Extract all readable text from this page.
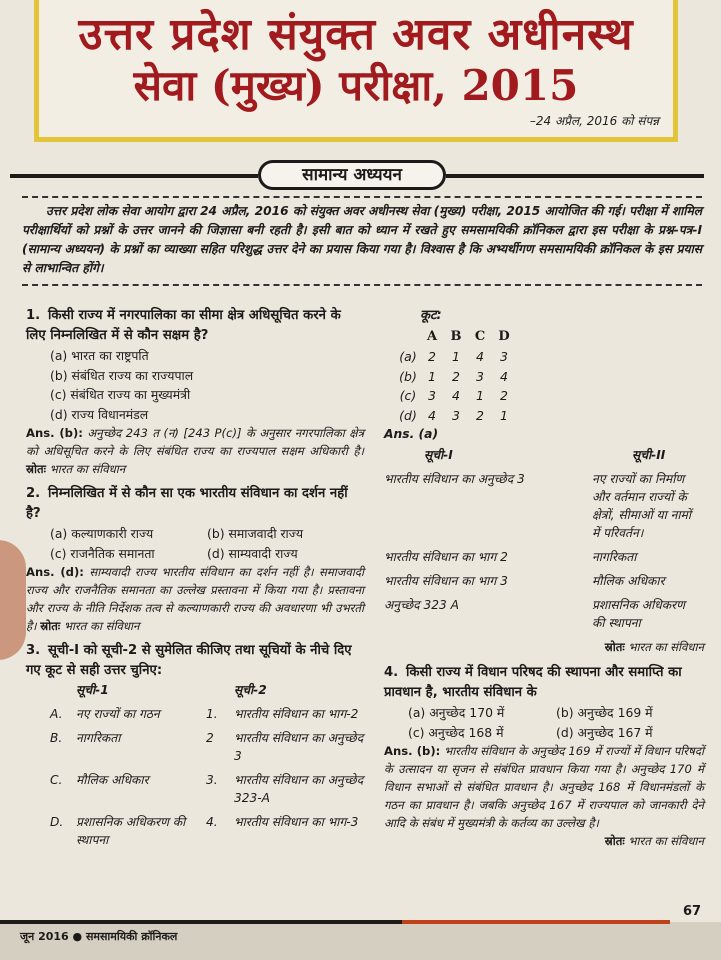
उत्तर प्रदेश संयुक्त अवर अधीनस्थ
सेवा (मुख्य) परीक्षा, 2015
–24 अप्रैल, 2016 को संपन्न
सामान्य अध्ययन
उत्तर प्रदेश लोक सेवा आयोग द्वारा 24 अप्रैल, 2016 को संयुक्त अवर अधीनस्थ सेवा (मुख्य) परीक्षा, 2015 आयोजित की गई। परीक्षा में शामिल परीक्षार्थियों को प्रश्नों के उत्तर जानने की जिज्ञासा बनी रहती है। इसी बात को ध्यान में रखते हुए समसामयिकी क्रॉनिकल द्वारा इस परीक्षा के प्रश्न-पत्र-I (सामान्य अध्ययन) के प्रश्नों का व्याख्या सहित परिशुद्ध उत्तर देने का प्रयास किया गया है। विश्वास है कि अभ्यर्थीगण समसामयिकी क्रॉनिकल के इस प्रयास से लाभान्वित होंगे।
1. किसी राज्य में नगरपालिका का सीमा क्षेत्र अधिसूचित करने के लिए निम्नलिखित में से कौन सक्षम है?
(a) भारत का राष्ट्रपति
(b) संबंधित राज्य का राज्यपाल
(c) संबंधित राज्य का मुख्यमंत्री
(d) राज्य विधानमंडल
Ans. (b): अनुच्छेद 243 त (न) [243 P(c)] के अनुसार नगरपालिका क्षेत्र को अधिसूचित करने के लिए संबंधित राज्य का राज्यपाल सक्षम अधिकारी है। स्रोतः भारत का संविधान
2. निम्नलिखित में से कौन सा एक भारतीय संविधान का दर्शन नहीं है?
(a) कल्याणकारी राज्य	(b) समाजवादी राज्य
(c) राजनैतिक समानता	(d) साम्यवादी राज्य
Ans. (d): साम्यवादी राज्य भारतीय संविधान का दर्शन नहीं है। समाजवादी राज्य और राजनैतिक समानता का उल्लेख प्रस्तावना में किया गया है। प्रस्तावना और राज्य के नीति निर्देशक तत्व से कल्याणकारी राज्य की अवधारणा भी उभरती है। स्रोतः भारत का संविधान
3. सूची-I को सूची-2 से सुमेलित कीजिए तथा सूचियों के नीचे दिए गए कूट से सही उत्तर चुनिए:
	सूची-1		सूची-2
A.	नए राज्यों का गठन	1.	भारतीय संविधान का भाग-2
B.	नागरिकता	2	भारतीय संविधान का अनुच्छेद 3
C.	मौलिक अधिकार	3.	भारतीय संविधान का अनुच्छेद 323-A
D.	प्रशासनिक अधिकरण की स्थापना	4.	भारतीय संविधान का भाग-3
कूट:
	A	B	C	D
(a)	2	1	4	3
(b)	1	2	3	4
(c)	3	4	1	2
(d)	4	3	2	1
Ans. (a)
सूची-I	सूची-II
भारतीय संविधान का अनुच्छेद 3	नए राज्यों का निर्माण और वर्तमान राज्यों के क्षेत्रों, सीमाओं या नामों में परिवर्तन।
भारतीय संविधान का भाग 2	नागरिकता
भारतीय संविधान का भाग 3	मौलिक अधिकार
अनुच्छेद 323 A	प्रशासनिक अधिकरण की स्थापना
स्रोतः भारत का संविधान
4. किसी राज्य में विधान परिषद की स्थापना और समाप्ति का प्रावधान है, भारतीय संविधान के
(a) अनुच्छेद 170 में	(b) अनुच्छेद 169 में
(c) अनुच्छेद 168 में	(d) अनुच्छेद 167 में
Ans. (b): भारतीय संविधान के अनुच्छेद 169 में राज्यों में विधान परिषदों के उत्सादन या सृजन से संबंधित प्रावधान किया गया है। अनुच्छेद 170 में विधान सभाओं से संबंधित प्रावधान है। अनुच्छेद 168 में विधानमंडलों के गठन का प्रावधान है। जबकि अनुच्छेद 167 में राज्यपाल को जानकारी देने आदि के संबंध में मुख्यमंत्री के कर्तव्य का उल्लेख है।
स्रोतः भारत का संविधान
जून 2016 ● समसामयिकी क्रॉनिकल
67
